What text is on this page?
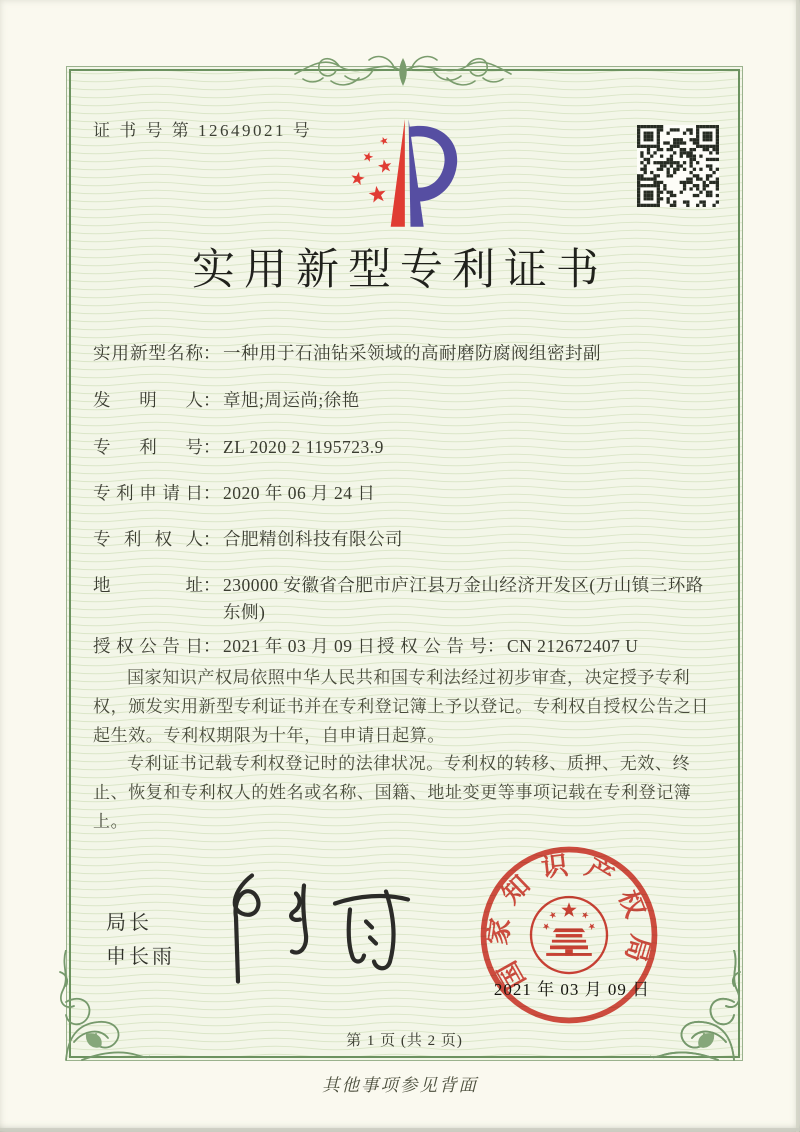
证 书 号 第 12649021 号
实用新型专利证书
实用新型名称 ： 一种用于石油钻采领域的高耐磨防腐阀组密封副
发明人 ： 章旭;周运尚;徐艳
专利号 ： ZL 2020 2 1195723.9
专利申请日 ： 2020 年 06 月 24 日
专利权人 ： 合肥精创科技有限公司
地址 ： 230000 安徽省合肥市庐江县万金山经济开发区(万山镇三环路东侧)
授权公告日 ： 2021 年 03 月 09 日 授权公告号 ： CN 212672407 U

国家知识产权局依照中华人民共和国专利法经过初步审查，决定授予专利权，颁发实用新型专利证书并在专利登记簿上予以登记。专利权自授权公告之日起生效。专利权期限为十年，自申请日起算。

专利证书记载专利权登记时的法律状况。专利权的转移、质押、无效、终止、恢复和专利权人的姓名或名称、国籍、地址变更等事项记载在专利登记簿上。

局长
申长雨	国家知识产权局
2021 年 03 月 09 日
第 1 页 (共 2 页)
其他事项参见背面
